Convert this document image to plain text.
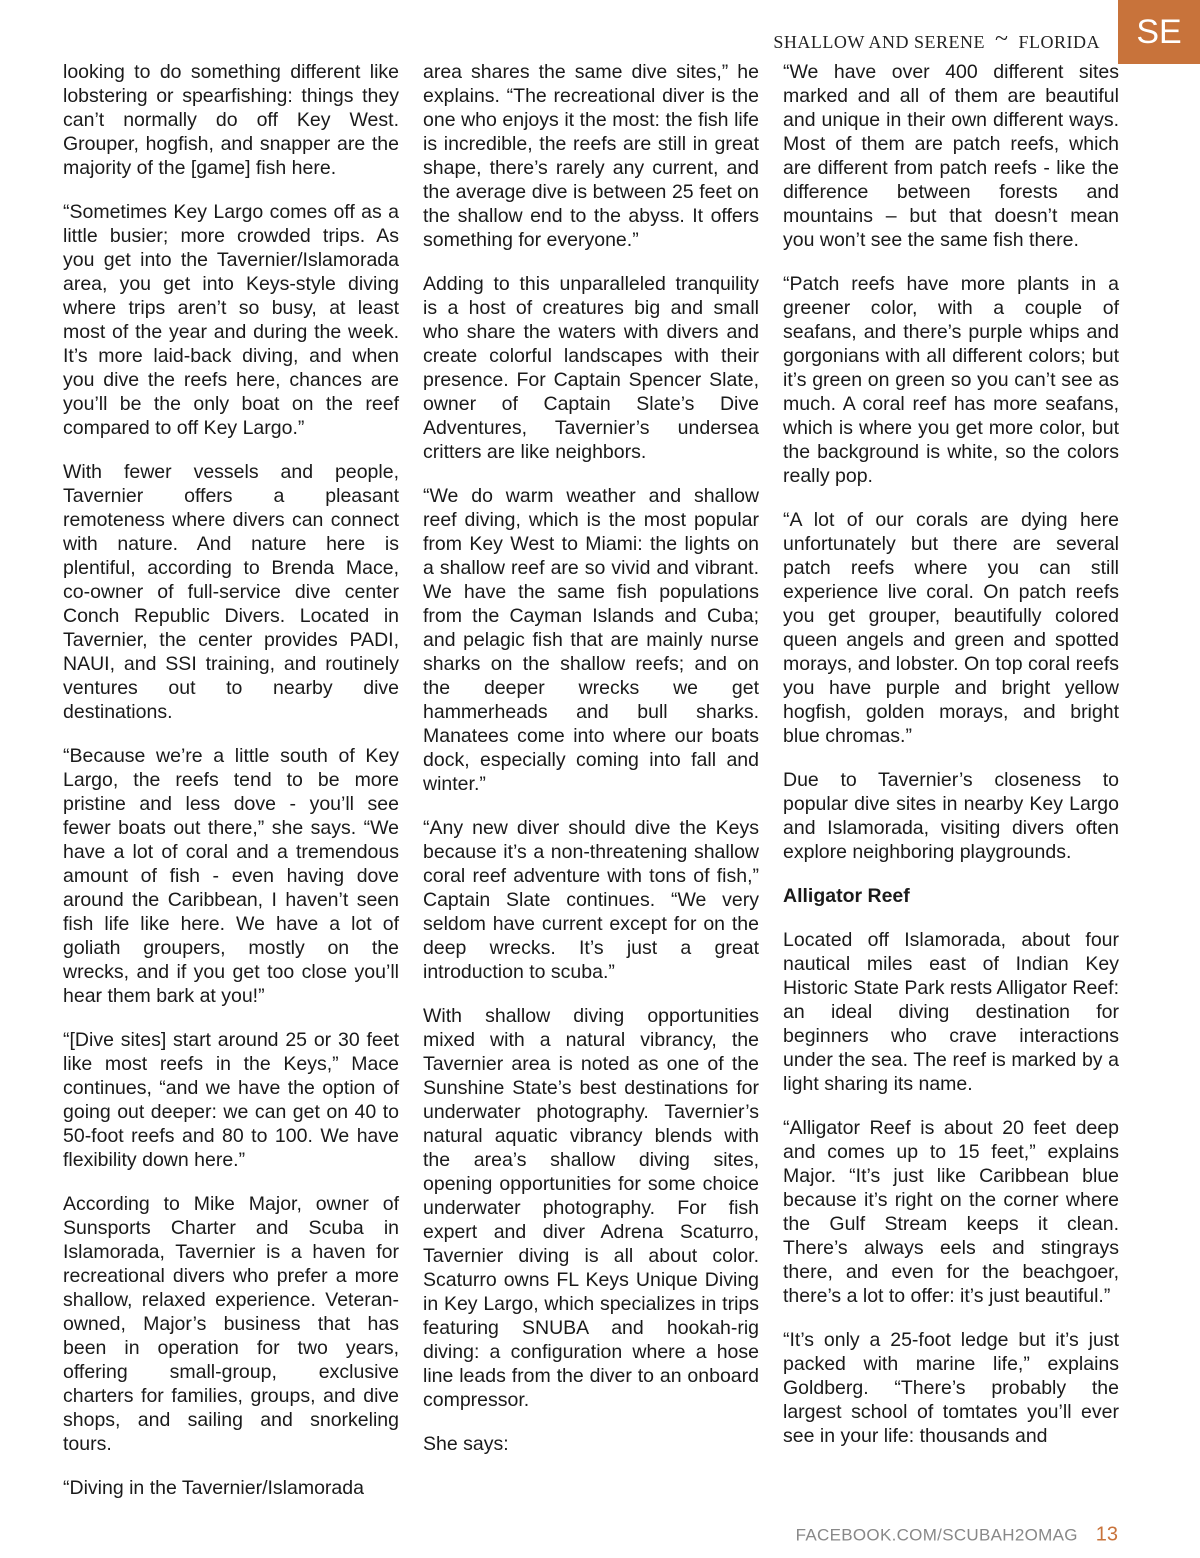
SHALLOW AND SERENE ~ FLORIDA	SE

looking to do something different like lobstering or spearfishing: things they can’t normally do off Key West. Grouper, hogfish, and snapper are the majority of the [game] fish here.

“Sometimes Key Largo comes off as a little busier; more crowded trips. As you get into the Tavernier/Islamorada area, you get into Keys-style diving where trips aren’t so busy, at least most of the year and during the week. It’s more laid-back diving, and when you dive the reefs here, chances are you’ll be the only boat on the reef compared to off Key Largo.”

With fewer vessels and people, Tavernier offers a pleasant remoteness where divers can connect with nature. And nature here is plentiful, according to Brenda Mace, co-owner of full-service dive center Conch Republic Divers. Located in Tavernier, the center provides PADI, NAUI, and SSI training, and routinely ventures out to nearby dive destinations.

“Because we’re a little south of Key Largo, the reefs tend to be more pristine and less dove - you’ll see fewer boats out there,” she says. “We have a lot of coral and a tremendous amount of fish - even having dove around the Caribbean, I haven’t seen fish life like here. We have a lot of goliath groupers, mostly on the wrecks, and if you get too close you’ll hear them bark at you!”

“[Dive sites] start around 25 or 30 feet like most reefs in the Keys,” Mace continues, “and we have the option of going out deeper: we can get on 40 to 50-foot reefs and 80 to 100. We have flexibility down here.”

According to Mike Major, owner of Sunsports Charter and Scuba in Islamorada, Tavernier is a haven for recreational divers who prefer a more shallow, relaxed experience. Veteran-owned, Major’s business that has been in operation for two years, offering small-group, exclusive charters for families, groups, and dive shops, and sailing and snorkeling tours.

“Diving in the Tavernier/Islamorada

area shares the same dive sites,” he explains. “The recreational diver is the one who enjoys it the most: the fish life is incredible, the reefs are still in great shape, there’s rarely any current, and the average dive is between 25 feet on the shallow end to the abyss. It offers something for everyone.”

Adding to this unparalleled tranquility is a host of creatures big and small who share the waters with divers and create colorful landscapes with their presence. For Captain Spencer Slate, owner of Captain Slate’s Dive Adventures, Tavernier’s undersea critters are like neighbors.

“We do warm weather and shallow reef diving, which is the most popular from Key West to Miami: the lights on a shallow reef are so vivid and vibrant. We have the same fish populations from the Cayman Islands and Cuba; and pelagic fish that are mainly nurse sharks on the shallow reefs; and on the deeper wrecks we get hammerheads and bull sharks. Manatees come into where our boats dock, especially coming into fall and winter.”

“Any new diver should dive the Keys because it’s a non-threatening shallow coral reef adventure with tons of fish,” Captain Slate continues. “We very seldom have current except for on the deep wrecks. It’s just a great introduction to scuba.”

With shallow diving opportunities mixed with a natural vibrancy, the Tavernier area is noted as one of the Sunshine State’s best destinations for underwater photography. Tavernier’s natural aquatic vibrancy blends with the area’s shallow diving sites, opening opportunities for some choice underwater photography. For fish expert and diver Adrena Scaturro, Tavernier diving is all about color. Scaturro owns FL Keys Unique Diving in Key Largo, which specializes in trips featuring SNUBA and hookah-rig diving: a configuration where a hose line leads from the diver to an onboard compressor.

She says:

“We have over 400 different sites marked and all of them are beautiful and unique in their own different ways. Most of them are patch reefs, which are different from patch reefs - like the difference between forests and mountains – but that doesn’t mean you won’t see the same fish there.

“Patch reefs have more plants in a greener color, with a couple of seafans, and there’s purple whips and gorgonians with all different colors; but it’s green on green so you can’t see as much. A coral reef has more seafans, which is where you get more color, but the background is white, so the colors really pop.

“A lot of our corals are dying here unfortunately but there are several patch reefs where you can still experience live coral. On patch reefs you get grouper, beautifully colored queen angels and green and spotted morays, and lobster. On top coral reefs you have purple and bright yellow hogfish, golden morays, and bright blue chromas.”

Due to Tavernier’s closeness to popular dive sites in nearby Key Largo and Islamorada, visiting divers often explore neighboring playgrounds.

Alligator Reef

Located off Islamorada, about four nautical miles east of Indian Key Historic State Park rests Alligator Reef: an ideal diving destination for beginners who crave interactions under the sea. The reef is marked by a light sharing its name.

“Alligator Reef is about 20 feet deep and comes up to 15 feet,” explains Major. “It’s just like Caribbean blue because it’s right on the corner where the Gulf Stream keeps it clean. There’s always eels and stingrays there, and even for the beachgoer, there’s a lot to offer: it’s just beautiful.”

“It’s only a 25-foot ledge but it’s just packed with marine life,” explains Goldberg. “There’s probably the largest school of tomtates you’ll ever see in your life: thousands and

FACEBOOK.COM/SCUBAH2OMAG 13
